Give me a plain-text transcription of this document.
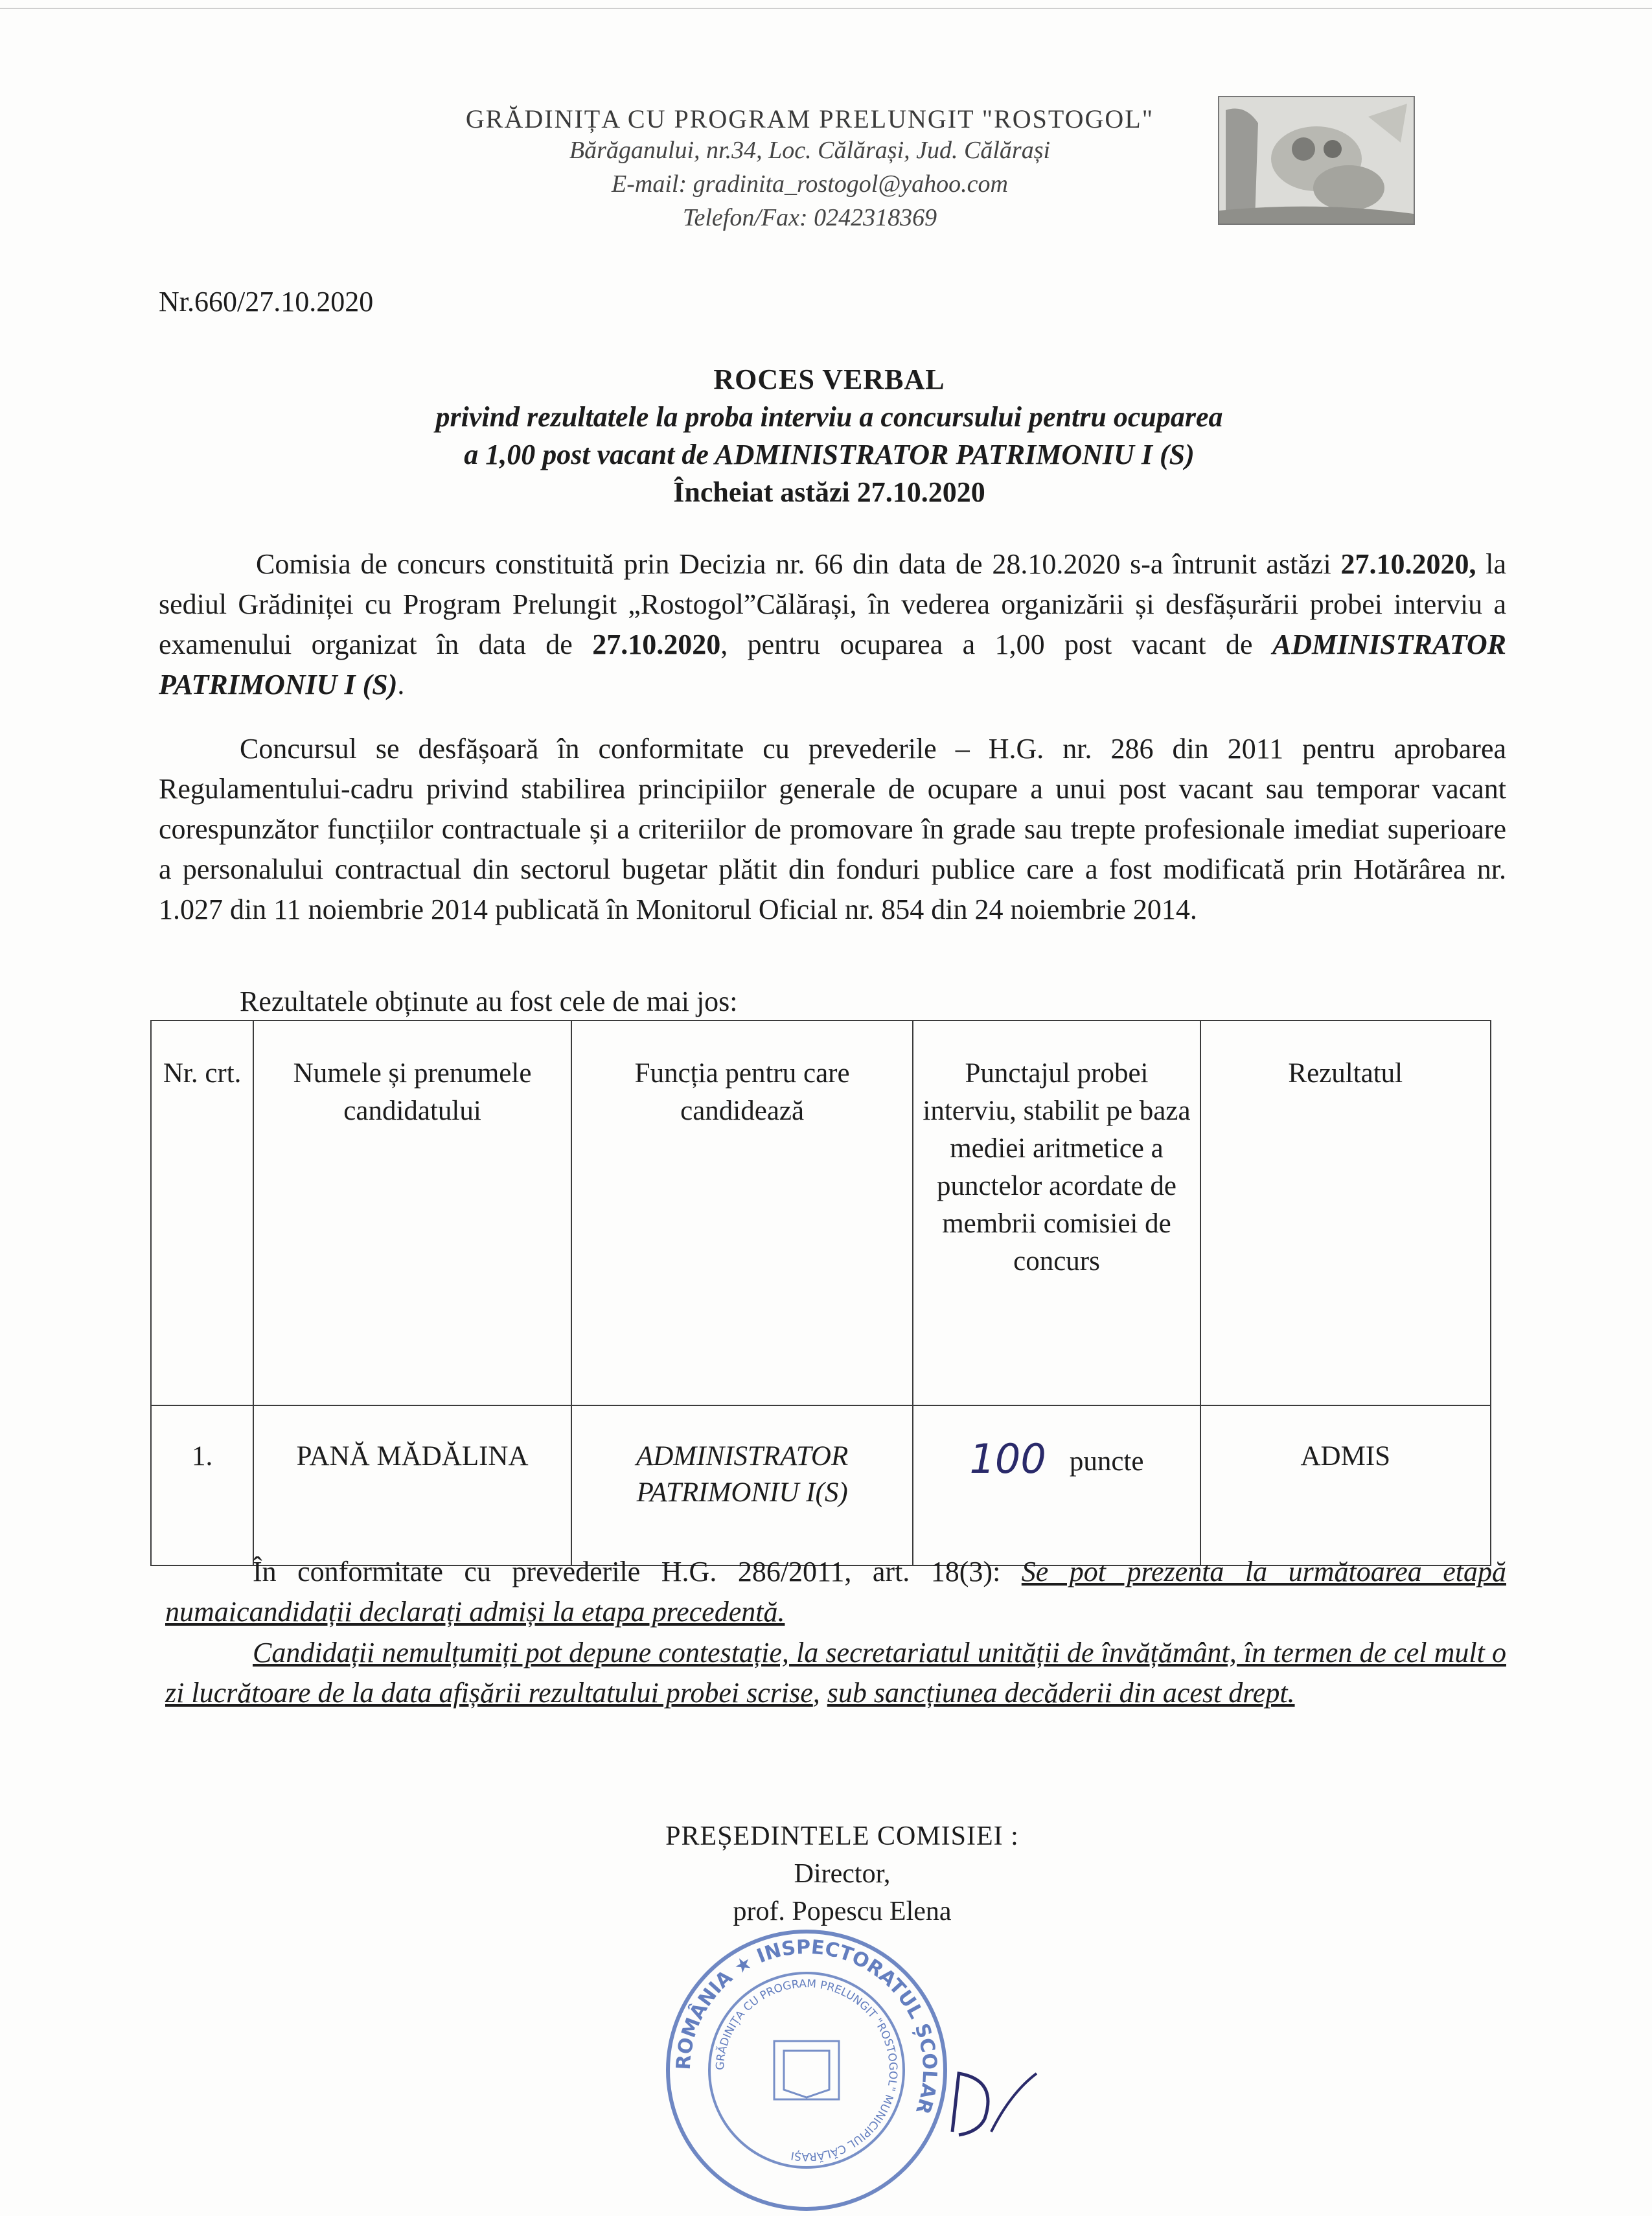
GRĂDINIȚA CU PROGRAM PRELUNGIT "ROSTOGOL"
Bărăganului, nr.34, Loc. Călărași, Jud. Călărași
E-mail: gradinita_rostogol@yahoo.com
Telefon/Fax: 0242318369
Nr.660/27.10.2020
ROCES VERBAL
privind rezultatele la proba interviu a concursului pentru ocuparea
a 1,00 post vacant de ADMINISTRATOR PATRIMONIU I (S)
Încheiat astăzi 27.10.2020
Comisia de concurs constituită prin Decizia nr. 66 din data de 28.10.2020 s-a întrunit astăzi 27.10.2020, la sediul Grădiniței cu Program Prelungit „Rostogol”Călărași, în vederea organizării și desfășurării probei interviu a examenului organizat în data de 27.10.2020, pentru ocuparea a 1,00 post vacant de ADMINISTRATOR PATRIMONIU I (S).
Concursul se desfășoară în conformitate cu prevederile – H.G. nr. 286 din 2011 pentru aprobarea Regulamentului-cadru privind stabilirea principiilor generale de ocupare a unui post vacant sau temporar vacant corespunzător funcțiilor contractuale și a criteriilor de promovare în grade sau trepte profesionale imediat superioare a personalului contractual din sectorul bugetar plătit din fonduri publice care a fost modificată prin Hotărârea nr. 1.027 din 11 noiembrie 2014 publicată în Monitorul Oficial nr. 854 din 24 noiembrie 2014.
Rezultatele obținute au fost cele de mai jos:
Nr. crt.	Numele și prenumele candidatului	Funcția pentru care candidează	Punctajul probei interviu, stabilit pe baza mediei aritmetice a punctelor acordate de membrii comisiei de concurs	Rezultatul
1.	PANĂ MĂDĂLINA	ADMINISTRATOR PATRIMONIU I(S)	100 puncte	ADMIS
În conformitate cu prevederile H.G. 286/2011, art. 18(3): Se pot prezenta la următoarea etapă numaicandidații declarați admiși la etapa precedentă.
Candidații nemulțumiți pot depune contestație, la secretariatul unității de învățământ, în termen de cel mult o zi lucrătoare de la data afișării rezultatului probei scrise, sub sancțiunea decăderii din acest drept.
PREȘEDINTELE COMISIEI :
Director,
prof. Popescu Elena
ROMÂNIA ★ INSPECTORATUL ȘCOLAR
GRĂDINIȚA CU PROGRAM PRELUNGIT "ROSTOGOL" MUNICIPIUL CĂLĂRAȘI
